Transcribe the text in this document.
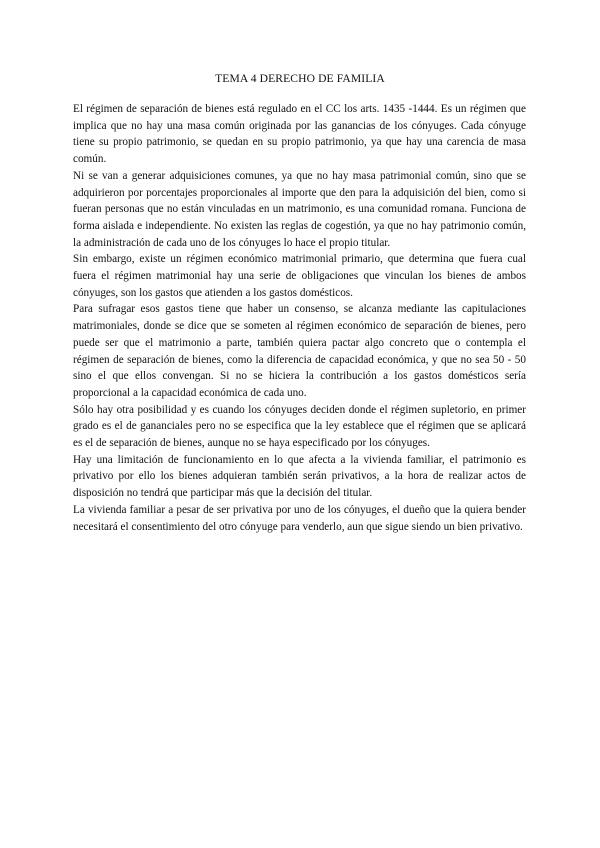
TEMA 4 DERECHO DE FAMILIA

El régimen de separación de bienes está regulado en el CC los arts. 1435 -1444. Es un régimen que implica que no hay una masa común originada por las ganancias de los cónyuges. Cada cónyuge tiene su propio patrimonio, se quedan en su propio patrimonio, ya que hay una carencia de masa común.

Ni se van a generar adquisiciones comunes, ya que no hay masa patrimonial común, sino que se adquirieron por porcentajes proporcionales al importe que den para la adquisición del bien, como si fueran personas que no están vinculadas en un matrimonio, es una comunidad romana. Funciona de forma aislada e independiente. No existen las reglas de cogestión, ya que no hay patrimonio común, la administración de cada uno de los cónyuges lo hace el propio titular.

Sin embargo, existe un régimen económico matrimonial primario, que determina que fuera cual fuera el régimen matrimonial hay una serie de obligaciones que vinculan los bienes de ambos cónyuges, son los gastos que atienden a los gastos domésticos.

Para sufragar esos gastos tiene que haber un consenso, se alcanza mediante las capitulaciones matrimoniales, donde se dice que se someten al régimen económico de separación de bienes, pero puede ser que el matrimonio a parte, también quiera pactar algo concreto que o contempla el régimen de separación de bienes, como la diferencia de capacidad económica, y que no sea 50 - 50 sino el que ellos convengan. Si no se hiciera la contribución a los gastos domésticos sería proporcional a la capacidad económica de cada uno.

Sólo hay otra posibilidad y es cuando los cónyuges deciden donde el régimen supletorio, en primer grado es el de gananciales pero no se especifica que la ley establece que el régimen que se aplicará es el de separación de bienes, aunque no se haya especificado por los cónyuges.

Hay una limitación de funcionamiento en lo que afecta a la vivienda familiar, el patrimonio es privativo por ello los bienes adquieran también serán privativos, a la hora de realizar actos de disposición no tendrá que participar más que la decisión del titular.

La vivienda familiar a pesar de ser privativa por uno de los cónyuges, el dueño que la quiera bender necesitará el consentimiento del otro cónyuge para venderlo, aun que sigue siendo un bien privativo.
